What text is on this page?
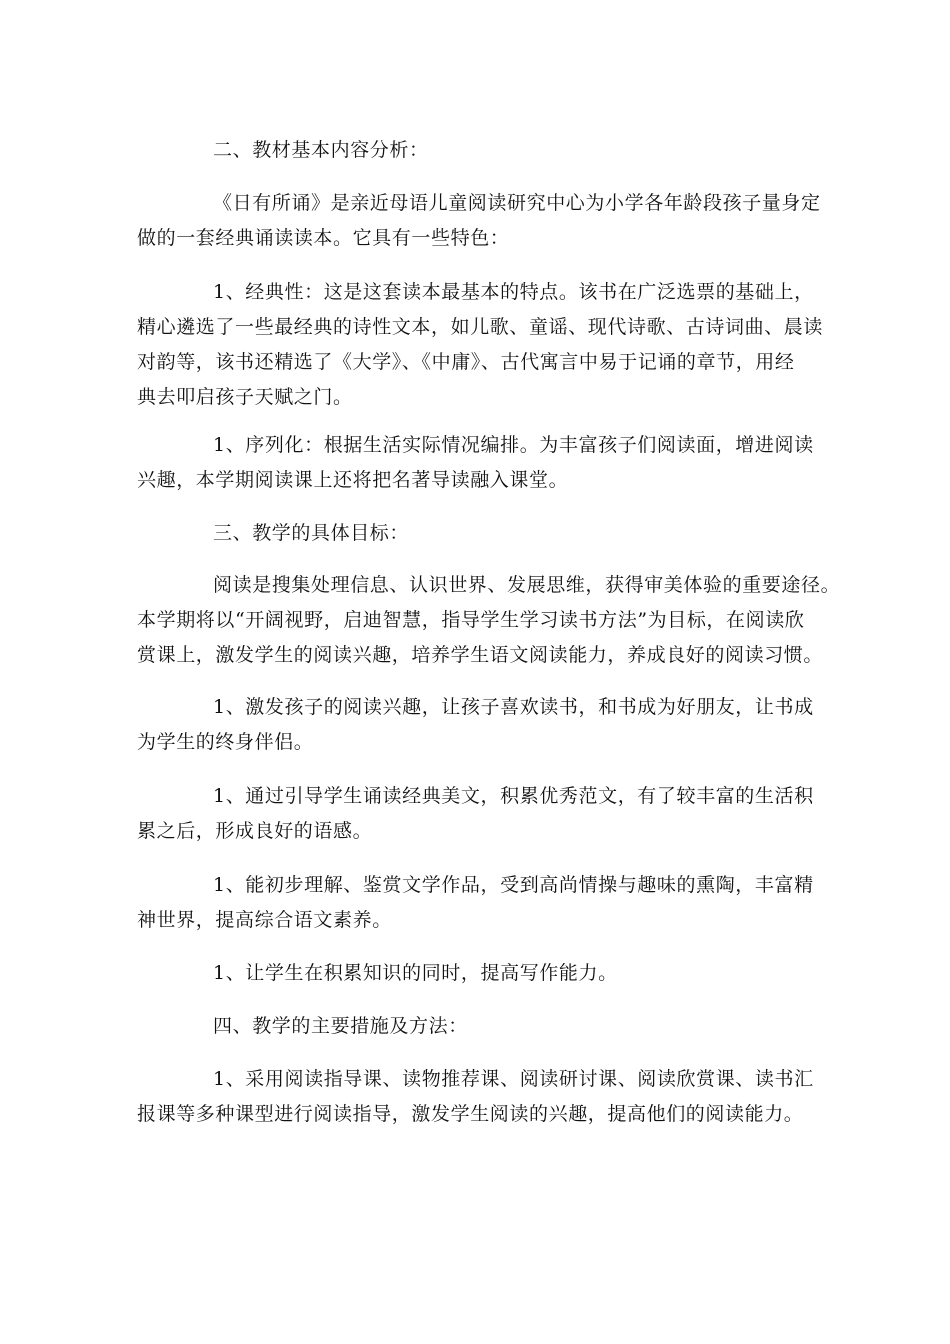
二、教材基本内容分析：

《日有所诵》是亲近母语儿童阅读研究中心为小学各年龄段孩子量身定
做的一套经典诵读读本。它具有一些特色：

1、经典性：这是这套读本最基本的特点。该书在广泛选票的基础上，
精心遴选了一些最经典的诗性文本，如儿歌、童谣、现代诗歌、古诗词曲、晨读
对韵等，该书还精选了《大学》、《中庸》、古代寓言中易于记诵的章节，用经
典去叩启孩子天赋之门。

1、序列化：根据生活实际情况编排。为丰富孩子们阅读面，增进阅读
兴趣，本学期阅读课上还将把名著导读融入课堂。

三、教学的具体目标：

阅读是搜集处理信息、认识世界、发展思维，获得审美体验的重要途径。
本学期将以“开阔视野，启迪智慧，指导学生学习读书方法”为目标，在阅读欣
赏课上，激发学生的阅读兴趣，培养学生语文阅读能力，养成良好的阅读习惯。

1、激发孩子的阅读兴趣，让孩子喜欢读书，和书成为好朋友，让书成
为学生的终身伴侣。

1、通过引导学生诵读经典美文，积累优秀范文，有了较丰富的生活积
累之后，形成良好的语感。

1、能初步理解、鉴赏文学作品，受到高尚情操与趣味的熏陶，丰富精
神世界，提高综合语文素养。

1、让学生在积累知识的同时，提高写作能力。

四、教学的主要措施及方法：

1、采用阅读指导课、读物推荐课、阅读研讨课、阅读欣赏课、读书汇
报课等多种课型进行阅读指导，激发学生阅读的兴趣，提高他们的阅读能力。
